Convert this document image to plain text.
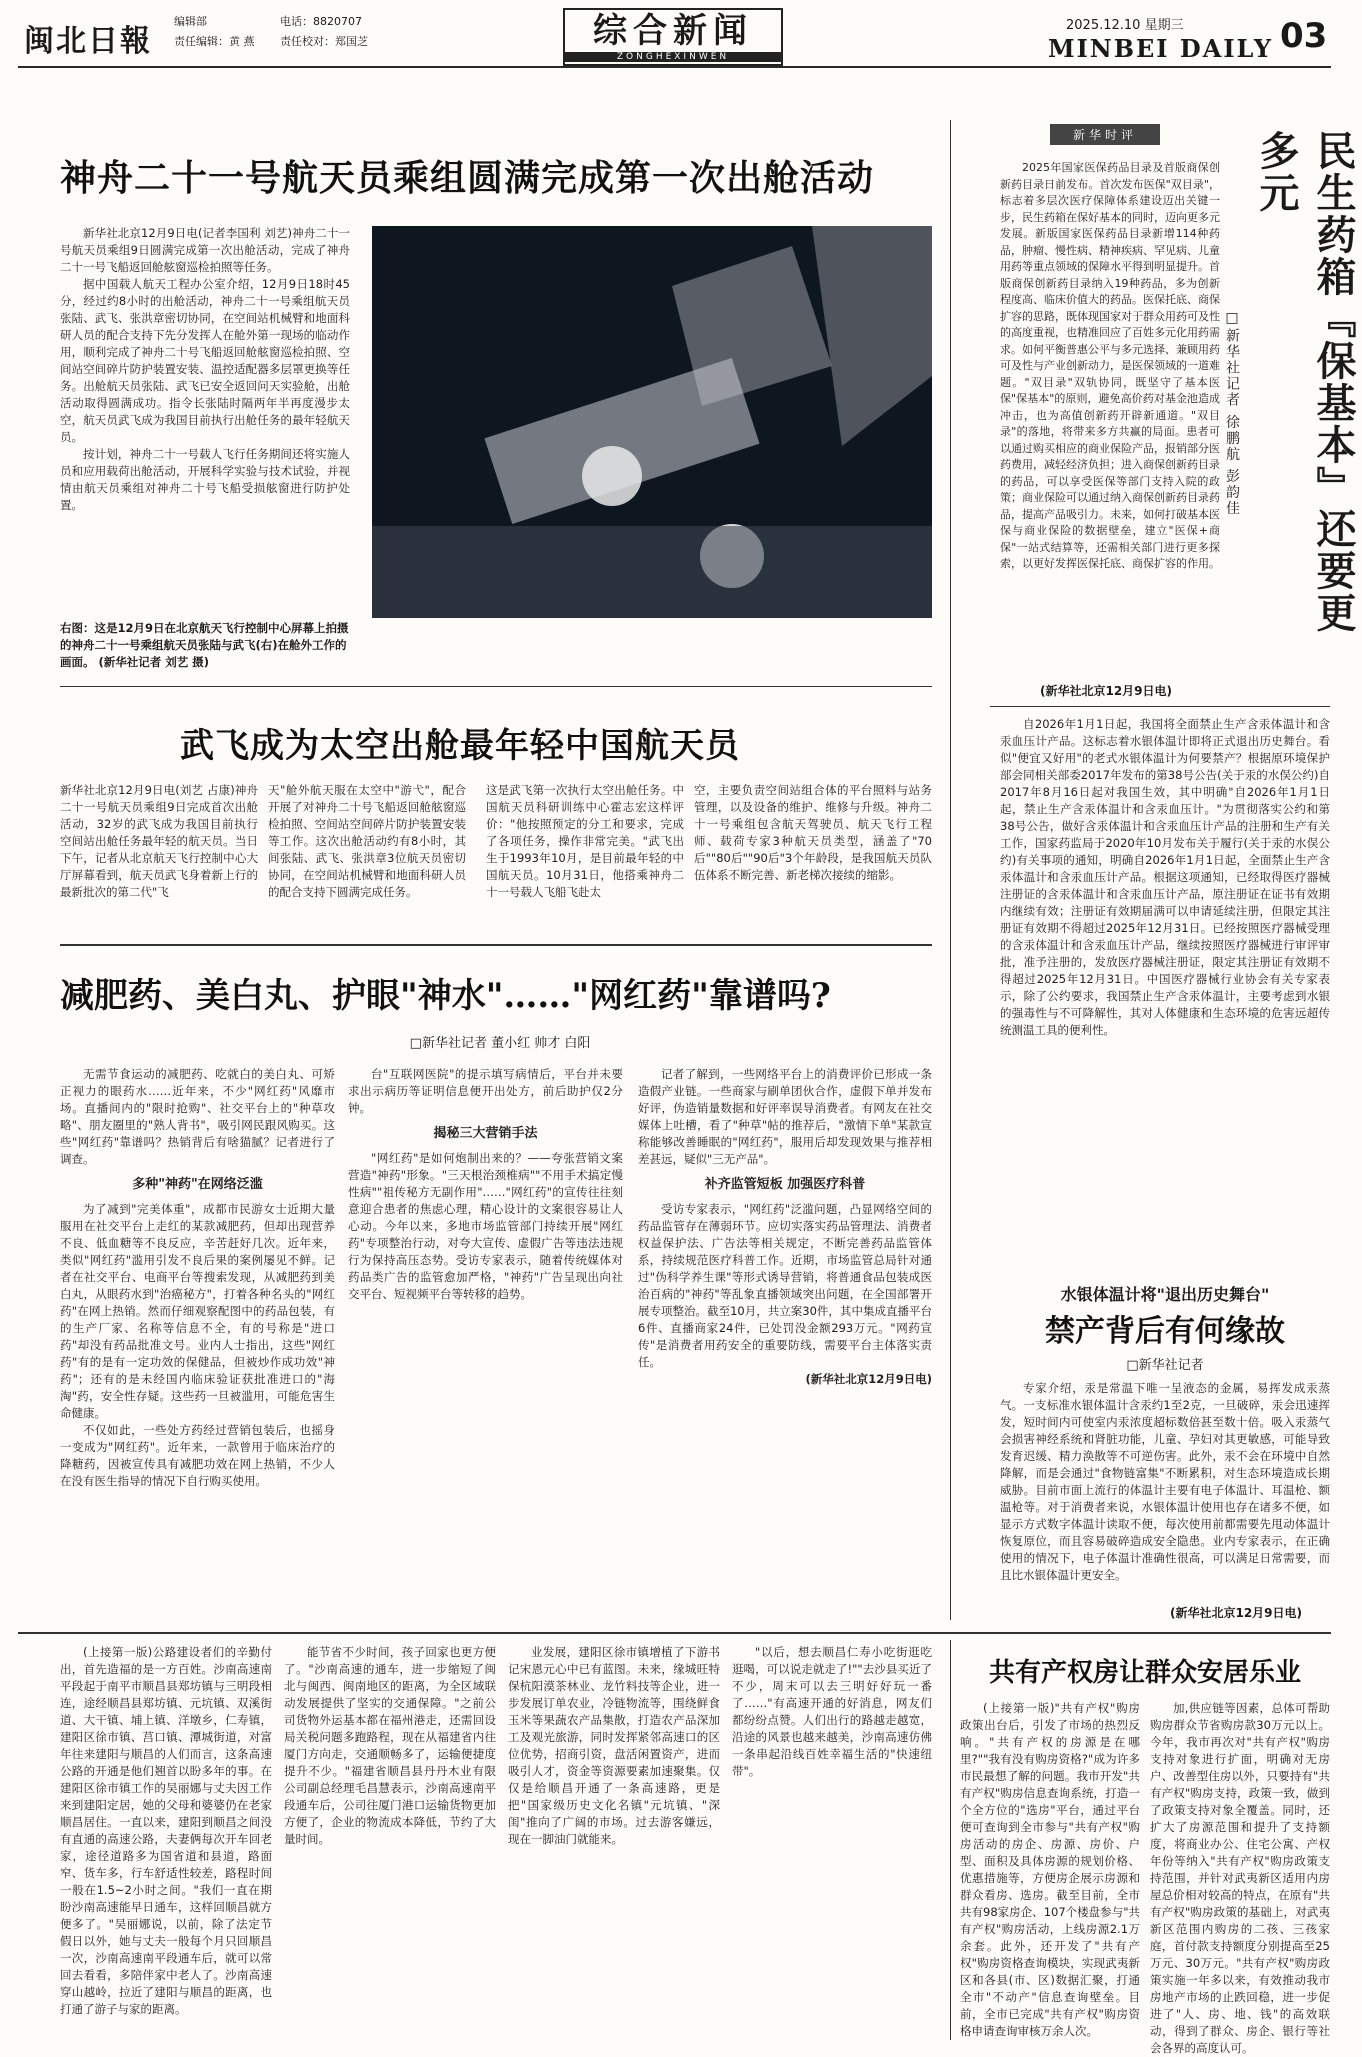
闽北日報
编辑部	电话：8820707
责任编辑：黄 燕 责任校对：郑国芝	综合新闻
ZONGHEXINWEN
2025.12.10 星期三
MINBEI DAILY 03
神舟二十一号航天员乘组圆满完成第一次出舱活动

新华社北京12月9日电(记者李国利 刘艺)神舟二十一号航天员乘组9日圆满完成第一次出舱活动，完成了神舟二十一号飞船返回舱舷窗巡检拍照等任务。

据中国载人航天工程办公室介绍，12月9日18时45分，经过约8小时的出舱活动，神舟二十一号乘组航天员张陆、武飞、张洪章密切协同，在空间站机械臂和地面科研人员的配合支持下先分发挥人在舱外第一现场的临动作用，顺利完成了神舟二十号飞船返回舱舷窗巡检拍照、空间站空间碎片防护装置安装、温控适配器多层罩更换等任务。出舱航天员张陆、武飞已安全返回问天实验舱，出舱活动取得圆满成功。指令长张陆时隔两年半再度漫步太空，航天员武飞成为我国目前执行出舱任务的最年轻航天员。

按计划，神舟二十一号载人飞行任务期间还将实施人员和应用载荷出舱活动，开展科学实验与技术试验，并视情由航天员乘组对神舟二十号飞船受损舷窗进行防护处置。

右图：这是12月9日在北京航天飞行控制中心屏幕上拍摄的神舟二十一号乘组航天员张陆与武飞(右)在舱外工作的画面。 (新华社记者 刘艺 摄)
武飞成为太空出舱最年轻中国航天员
新华社北京12月9日电(刘艺 占康)神舟二十一号航天员乘组9日完成首次出舱活动，32岁的武飞成为我国目前执行空间站出舱任务最年轻的航天员。当日下午，记者从北京航天飞行控制中心大厅屏幕看到，航天员武飞身着新上行的最新批次的第二代"飞
天"舱外航天服在太空中"游弋"，配合开展了对神舟二十号飞船返回舱舷窗巡检拍照、空间站空间碎片防护装置安装等工作。这次出舱活动约有8小时，其间张陆、武飞、张洪章3位航天员密切协同，在空间站机械臂和地面科研人员的配合支持下圆满完成任务。
这是武飞第一次执行太空出舱任务。中国航天员科研训练中心霍志宏这样评价："他按照预定的分工和要求，完成了各项任务，操作非常完美。"武飞出生于1993年10月，是目前最年轻的中国航天员。10月31日，他搭乘神舟二十一号载人飞船飞赴太
空，主要负责空间站组合体的平台照料与站务管理，以及设备的维护、维修与升级。神舟二十一号乘组包含航天驾驶员、航天飞行工程师、载荷专家3种航天员类型，涵盖了"70后""80后""90后"3个年龄段，是我国航天员队伍体系不断完善、新老梯次接续的缩影。
减肥药、美白丸、护眼"神水"……"网红药"靠谱吗?
□新华社记者 董小红 帅才 白阳

无需节食运动的减肥药、吃就白的美白丸、可矫正视力的眼药水……近年来，不少"网红药"风靡市场。直播间内的"限时抢购"、社交平台上的"种草攻略"、朋友圈里的"熟人背书"，吸引网民跟风购买。这些"网红药"靠谱吗？热销背后有啥猫腻？记者进行了调查。

多种"神药"在网络泛滥

为了减到"完美体重"，成都市民游女士近期大量服用在社交平台上走红的某款减肥药，但却出现营养不良、低血糖等不良反应，辛苦赶好几次。近年来，类似"网红药"滥用引发不良后果的案例屡见不鲜。记者在社交平台、电商平台等搜索发现，从减肥药到美白丸，从眼药水到"治癌秘方"，打着各种名头的"网红药"在网上热销。然而仔细观察配图中的药品包装，有的生产厂家、名称等信息不全，有的号称是"进口药"却没有药品批准文号。业内人士指出，这些"网红药"有的是有一定功效的保健品，但被炒作成功效"神药"；还有的是未经国内临床验证获批准进口的"海淘"药，安全性存疑。这些药一旦被滥用，可能危害生命健康。

不仅如此，一些处方药经过营销包装后，也摇身一变成为"网红药"。近年来，一款曾用于临床治疗的降糖药，因被宣传具有减肥功效在网上热销，不少人在没有医生指导的情况下自行购买使用。

台"互联网医院"的提示填写病情后，平台并未要求出示病历等证明信息便开出处方，前后助护仅2分钟。

揭秘三大营销手法

"网红药"是如何炮制出来的？——夸张营销文案营造"神药"形象。"三天根治颈椎病""不用手术搞定慢性病""祖传秘方无副作用"……"网红药"的宣传往往刻意迎合患者的焦虑心理，精心设计的文案很容易让人心动。今年以来，多地市场监管部门持续开展"网红药"专项整治行动，对夸大宣传、虚假广告等违法违规行为保持高压态势。受访专家表示，随着传统媒体对药品类广告的监管愈加严格，"神药"广告呈现出向社交平台、短视频平台等转移的趋势。

记者了解到，一些网络平台上的消费评价已形成一条造假产业链。一些商家与刷单团伙合作，虚假下单并发布好评，伪造销量数据和好评率误导消费者。有网友在社交媒体上吐槽，看了"种草"帖的推荐后，"激情下单"某款宣称能够改善睡眠的"网红药"，服用后却发现效果与推荐相差甚远，疑似"三无产品"。

补齐监管短板 加强医疗科普

受访专家表示，"网红药"泛滥问题，凸显网络空间的药品监管存在薄弱环节。应切实落实药品管理法、消费者权益保护法、广告法等相关规定，不断完善药品监管体系，持续规范医疗科普工作。近期，市场监管总局针对通过"伪科学养生课"等形式诱导营销，将普通食品包装成医治百病的"神药"等乱象直播领域突出问题，在全国部署开展专项整治。截至10月，共立案30件，其中集成直播平台6件、直播商家24件，已处罚没金额293万元。"网药宣传"是消费者用药安全的重要防线，需要平台主体落实责任。

(新华社北京12月9日电)
新华时评
2025年国家医保药品目录及首版商保创新药目录日前发布。首次发布医保"双目录"，标志着多层次医疗保障体系建设迈出关键一步，民生药箱在保好基本的同时，迈向更多元发展。新版国家医保药品目录新增114种药品，肿瘤、慢性病、精神疾病、罕见病、儿童用药等重点领域的保障水平得到明显提升。首版商保创新药目录纳入19种药品，多为创新程度高、临床价值大的药品。医保托底、商保扩容的思路，既体现国家对于群众用药可及性的高度重视，也精准回应了百姓多元化用药需求。如何平衡普惠公平与多元选择、兼顾用药可及性与产业创新动力，是医保领域的一道难题。"双目录"双轨协同，既坚守了基本医保"保基本"的原则，避免高价药对基金池造成冲击，也为高值创新药开辟新通道。"双目录"的落地，将带来多方共赢的局面。患者可以通过购买相应的商业保险产品，报销部分医药费用，减轻经济负担；进入商保创新药目录的药品，可以享受医保等部门支持入院的政策；商业保险可以通过纳入商保创新药目录药品，提高产品吸引力。未来，如何打破基本医保与商业保险的数据壁垒，建立"医保+商保"一站式结算等，还需相关部门进行更多探索，以更好发挥医保托底、商保扩容的作用。	民生药箱『保基本』还要更多元
□新华社记者 徐鹏航 彭韵佳
(新华社北京12月9日电)
自2026年1月1日起，我国将全面禁止生产含汞体温计和含汞血压计产品。这标志着水银体温计即将正式退出历史舞台。看似"便宜又好用"的老式水银体温计为何要禁产？根据原环境保护部会同相关部委2017年发布的第38号公告(关于汞的水俣公约)自2017年8月16日起对我国生效，其中明确"自2026年1月1日起，禁止生产含汞体温计和含汞血压计。"为贯彻落实公约和第38号公告，做好含汞体温计和含汞血压计产品的注册和生产有关工作，国家药监局于2020年10月发布关于履行(关于汞的水俣公约)有关事项的通知，明确自2026年1月1日起，全面禁止生产含汞体温计和含汞血压计产品。根据这项通知，已经取得医疗器械注册证的含汞体温计和含汞血压计产品，原注册证在证书有效期内继续有效；注册证有效期届满可以申请延续注册，但限定其注册证有效期不得超过2025年12月31日。已经按照医疗器械受理的含汞体温计和含汞血压计产品，继续按照医疗器械进行审评审批，准予注册的，发放医疗器械注册证，限定其注册证有效期不得超过2025年12月31日。中国医疗器械行业协会有关专家表示，除了公约要求，我国禁止生产含汞体温计，主要考虑到水银的强毒性与不可降解性，其对人体健康和生态环境的危害远超传统测温工具的便利性。
水银体温计将"退出历史舞台"
禁产背后有何缘故
□新华社记者
专家介绍，汞是常温下唯一呈液态的金属，易挥发成汞蒸气。一支标准水银体温计含汞约1至2克，一旦破碎，汞会迅速挥发，短时间内可使室内汞浓度超标数倍甚至数十倍。吸入汞蒸气会损害神经系统和肾脏功能，儿童、孕妇对其更敏感，可能导致发育迟缓、精力涣散等不可逆伤害。此外，汞不会在环境中自然降解，而是会通过"食物链富集"不断累积，对生态环境造成长期威胁。目前市面上流行的体温计主要有电子体温计、耳温枪、额温枪等。对于消费者来说，水银体温计使用也存在诸多不便，如显示方式数字体温计读取不便，每次使用前都需要先甩动体温计恢复原位，而且容易破碎造成安全隐患。业内专家表示，在正确使用的情况下，电子体温计准确性很高，可以满足日常需要，而且比水银体温计更安全。
(新华社北京12月9日电)
(上接第一版)公路建设者们的辛勤付出，首先造福的是一方百姓。沙南高速南平段起于南平市顺昌县郑坊镇与三明段相连，途经顺昌县郑坊镇、元坑镇、双溪街道、大干镇、埔上镇、洋墩乡，仁寿镇，建阳区徐市镇、莒口镇、潭城街道，对富年往来建阳与顺昌的人们而言，这条高速公路的开通是他们翘首以盼多年的事。在建阳区徐市镇工作的吴丽娜与丈夫因工作来到建阳定居，她的父母和婆婆仍在老家顺昌居住。一直以来，建阳到顺昌之间没有直通的高速公路，夫妻俩每次开车回老家，途径道路多为国省道和县道，路面窄、货车多，行车舒适性较差，路程时间一般在1.5~2小时之间。"我们一直在期盼沙南高速能早日通车，这样回顺昌就方便多了。"吴丽娜说，以前，除了法定节假日以外，她与丈夫一般每个月只回顺昌一次，沙南高速南平段通车后，就可以常回去看看，多陪伴家中老人了。沙南高速穿山越岭，拉近了建阳与顺昌的距离，也打通了游子与家的距离。
能节省不少时间，孩子回家也更方便了。"沙南高速的通车，进一步缩短了闽北与闽西、闽南地区的距离，为全区域联动发展提供了坚实的交通保障。"之前公司货物外运基本都在福州港走，还需回设局关税问题多跑路程，现在从福建省内往厦门方向走，交通顺畅多了，运输便捷度提升不少。"福建省顺昌县丹丹木业有限公司副总经理毛昌慧表示，沙南高速南平段通车后，公司往厦门港口运输货物更加方便了，企业的物流成本降低，节约了大量时间。
业发展，建阳区徐市镇增植了下游书记宋恩元心中已有蓝图。未来，缘城旺特保杭阳漠茶林业、龙竹料技等企业，进一步发展订单农业，冷链物流等，围绕鲜食玉米等果蔬农产品集散，打造农产品深加工及观光旅游，同时发挥紧邻高速口的区位优势，招商引资，盘活闲置资产，进而吸引人才，资金等资源要素加速聚集。仅仅是给顺昌开通了一条高速路，更是把"国家级历史文化名镇"元坑镇、"深闺"推向了广阔的市场。过去游客嫌远，现在一脚油门就能来。
"以后，想去顺昌仁寿小吃街逛吃逛喝，可以说走就走了!""去沙县买近了不少，周末可以去三明好好玩一番了……"有高速开通的好消息，网友们都纷纷点赞。人们出行的路越走越宽，沿途的风景也越来越美，沙南高速仿佛一条串起沿线百姓幸福生活的"快速纽带"。
共有产权房让群众安居乐业
(上接第一版)"共有产权"购房政策出台后，引发了市场的热烈反响。"共有产权的房源是在哪里?""我有没有购房资格?"成为许多市民最想了解的问题。我市开发"共有产权"购房信息查询系统，打造一个全方位的"选房"平台，通过平台便可查询到全市参与"共有产权"购房活动的房企、房源、房价、户型、面积及具体房源的规划价格、优惠措施等，方便房企展示房源和群众看房、选房。截至目前，全市共有98家房企、107个楼盘参与"共有产权"购房活动，上线房源2.1万余套。此外，还开发了"共有产权"购房资格查询模块，实现武夷新区和各县(市、区)数据汇聚，打通全市"不动产"信息查询壁垒。目前，全市已完成"共有产权"购房资格申请查询审核万余人次。
加,供应链等因素，总体可帮助购房群众节省购房款30万元以上。今年，我市再次对"共有产权"购房支持对象进行扩面，明确对无房户、改善型住房以外，只要持有"共有产权"购房支持，政策一致，做到了政策支持对象全覆盖。同时，还扩大了房源范围和提升了支持额度，将商业办公、住宅公寓、产权年份等纳入"共有产权"购房政策支持范围，并针对武夷新区适用内房屋总价相对较高的特点，在原有"共有产权"购房政策的基础上，对武夷新区范围内购房的二孩、三孩家庭，首付款支持额度分别提高至25万元、30万元。"共有产权"购房政策实施一年多以来，有效推动我市房地产市场的止跌回稳，进一步促进了"人、房、地、钱"的高效联动，得到了群众、房企、银行等社会各界的高度认可。
